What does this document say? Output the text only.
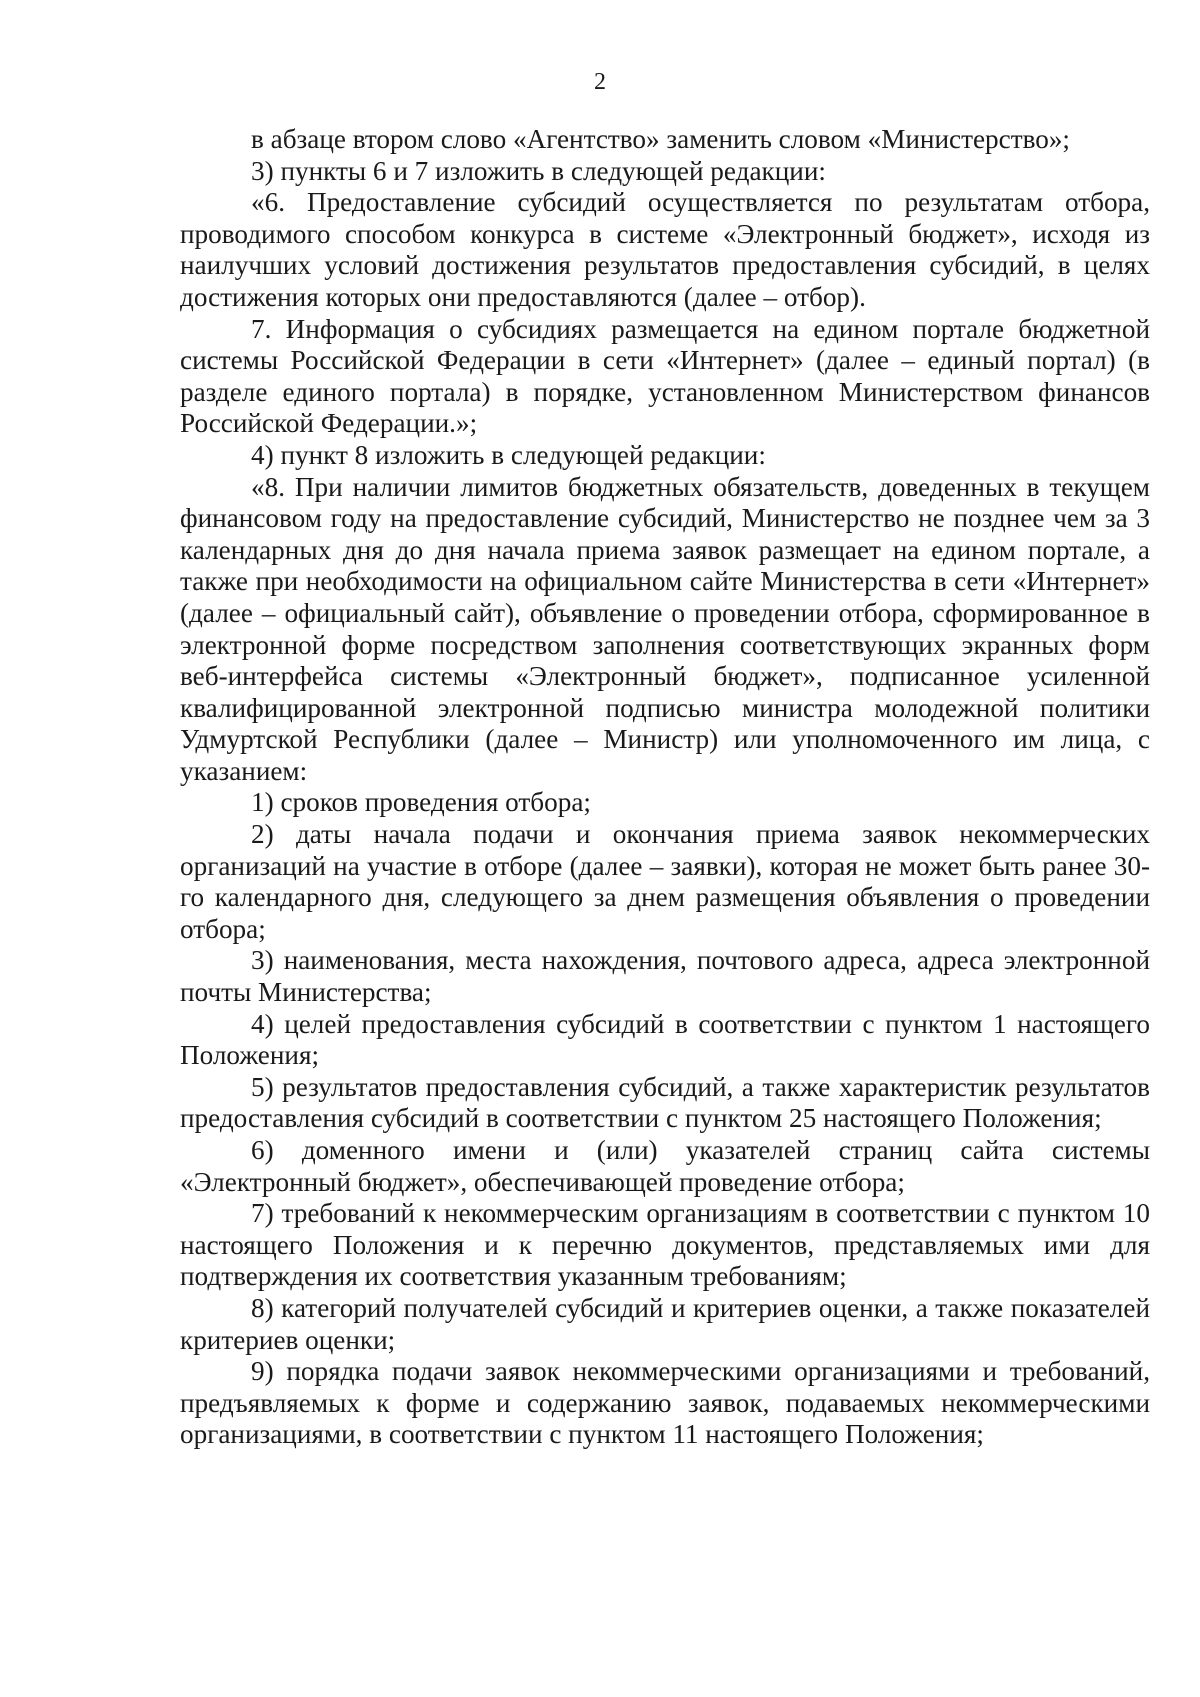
2

в абзаце втором слово «Агентство» заменить словом «Министерство»;

3) пункты 6 и 7 изложить в следующей редакции:

«6. Предоставление субсидий осуществляется по результатам отбора, проводимого способом конкурса в системе «Электронный бюджет», исходя из наилучших условий достижения результатов предоставления субсидий, в целях достижения которых они предоставляются (далее – отбор).

7. Информация о субсидиях размещается на едином портале бюджетной системы Российской Федерации в сети «Интернет» (далее – единый портал) (в разделе единого портала) в порядке, установленном Министерством финансов Российской Федерации.»;

4) пункт 8 изложить в следующей редакции:

«8. При наличии лимитов бюджетных обязательств, доведенных в текущем финансовом году на предоставление субсидий, Министерство не позднее чем за 3 календарных дня до дня начала приема заявок размещает на едином портале, а также при необходимости на официальном сайте Министерства в сети «Интернет» (далее – официальный сайт), объявление о проведении отбора, сформированное в электронной форме посредством заполнения соответствующих экранных форм веб-интерфейса системы «Электронный бюджет», подписанное усиленной квалифицированной электронной подписью министра молодежной политики Удмуртской Республики (далее – Министр) или уполномоченного им лица, с указанием:

1) сроков проведения отбора;

2) даты начала подачи и окончания приема заявок некоммерческих организаций на участие в отборе (далее – заявки), которая не может быть ранее 30-го календарного дня, следующего за днем размещения объявления о проведении отбора;

3) наименования, места нахождения, почтового адреса, адреса электронной почты Министерства;

4) целей предоставления субсидий в соответствии с пунктом 1 настоящего Положения;

5) результатов предоставления субсидий, а также характеристик результатов предоставления субсидий в соответствии с пунктом 25 настоящего Положения;

6) доменного имени и (или) указателей страниц сайта системы «Электронный бюджет», обеспечивающей проведение отбора;

7) требований к некоммерческим организациям в соответствии с пунктом 10 настоящего Положения и к перечню документов, представляемых ими для подтверждения их соответствия указанным требованиям;

8) категорий получателей субсидий и критериев оценки, а также показателей критериев оценки;

9) порядка подачи заявок некоммерческими организациями и требований, предъявляемых к форме и содержанию заявок, подаваемых некоммерческими организациями, в соответствии с пунктом 11 настоящего Положения;
